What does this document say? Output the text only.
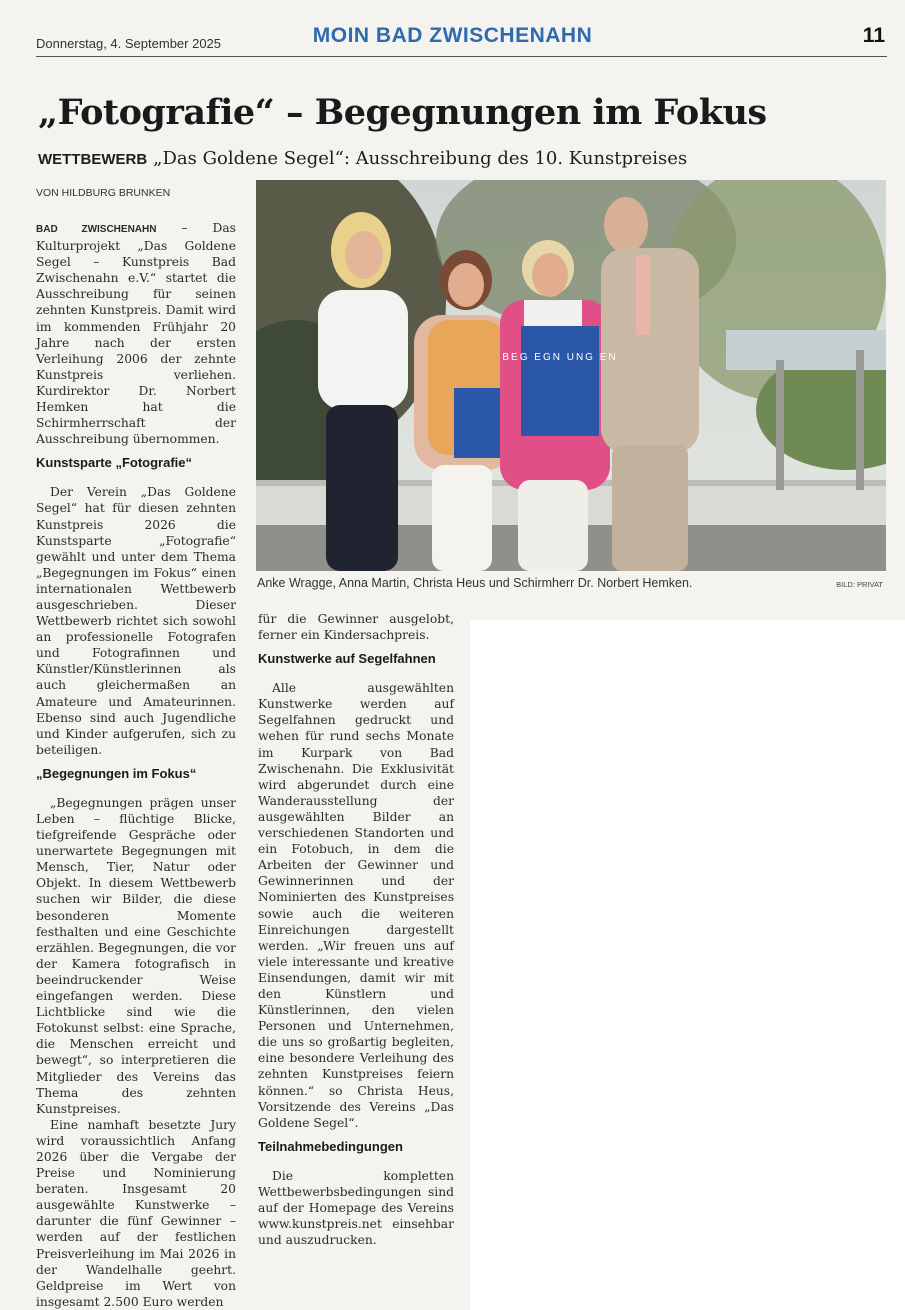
Donnerstag, 4. September 2025	MOIN BAD ZWISCHENAHN	11
„Fotografie“ – Begegnungen im Fokus
WETTBEWERB „Das Goldene Segel“: Ausschreibung des 10. Kunstpreises
VON HILDBURG BRUNKEN
BEG EGN UNG EN
Anke Wragge, Anna Martin, Christa Heus und Schirmherr Dr. Norbert Hemken.	BILD: PRIVAT

BAD ZWISCHENAHN – Das Kulturprojekt „Das Goldene Segel – Kunstpreis Bad Zwischenahn e.V.“ startet die Ausschreibung für seinen zehnten Kunstpreis. Damit wird im kommenden Frühjahr 20 Jahre nach der ersten Verleihung 2006 der zehnte Kunstpreis verliehen. Kurdirektor Dr. Norbert Hemken hat die Schirmherrschaft der Ausschreibung übernommen.

Kunstsparte „Fotografie“

Der Verein „Das Goldene Segel“ hat für diesen zehnten Kunstpreis 2026 die Kunstsparte „Fotografie“ gewählt und unter dem Thema „Begegnungen im Fokus“ einen internationalen Wettbewerb ausgeschrieben. Dieser Wettbewerb richtet sich sowohl an professionelle Fotografen und Fotografinnen und Künstler/Künstlerinnen als auch gleichermaßen an Amateure und Amateurinnen. Ebenso sind auch Jugendliche und Kinder aufgerufen, sich zu beteiligen.

„Begegnungen im Fokus“

„Begegnungen prägen unser Leben – flüchtige Blicke, tiefgreifende Gespräche oder unerwartete Begegnungen mit Mensch, Tier, Natur oder Objekt. In diesem Wettbewerb suchen wir Bilder, die diese besonderen Momente festhalten und eine Geschichte erzählen. Begegnungen, die vor der Kamera fotografisch in beeindruckender Weise eingefangen werden. Diese Lichtblicke sind wie die Fotokunst selbst: eine Sprache, die Menschen erreicht und bewegt“, so interpretieren die Mitglieder des Vereins das Thema des zehnten Kunstpreises.

Eine namhaft besetzte Jury wird voraussichtlich Anfang 2026 über die Vergabe der Preise und Nominierung beraten. Insgesamt 20 ausgewählte Kunstwerke – darunter die fünf Gewinner – werden auf der festlichen Preisverleihung im Mai 2026 in der Wandelhalle geehrt. Geldpreise im Wert von insgesamt 2.500 Euro werden

für die Gewinner ausgelobt, ferner ein Kindersachpreis.

Kunstwerke auf Segelfahnen

Alle ausgewählten Kunstwerke werden auf Segelfahnen gedruckt und wehen für rund sechs Monate im Kurpark von Bad Zwischenahn. Die Exklusivität wird abgerundet durch eine Wanderausstellung der ausgewählten Bilder an verschiedenen Standorten und ein Fotobuch, in dem die Arbeiten der Gewinner und Gewinnerinnen und der Nominierten des Kunstpreises sowie auch die weiteren Einreichungen dargestellt werden. „Wir freuen uns auf viele interessante und kreative Einsendungen, damit wir mit den Künstlern und Künstlerinnen, den vielen Personen und Unternehmen, die uns so großartig begleiten, eine besondere Verleihung des zehnten Kunstpreises feiern können.“ so Christa Heus, Vorsitzende des Vereins „Das Goldene Segel“.

Teilnahmebedingungen

Die kompletten Wettbewerbsbedingungen sind auf der Homepage des Vereins www.kunstpreis.net einsehbar und auszudrucken.
